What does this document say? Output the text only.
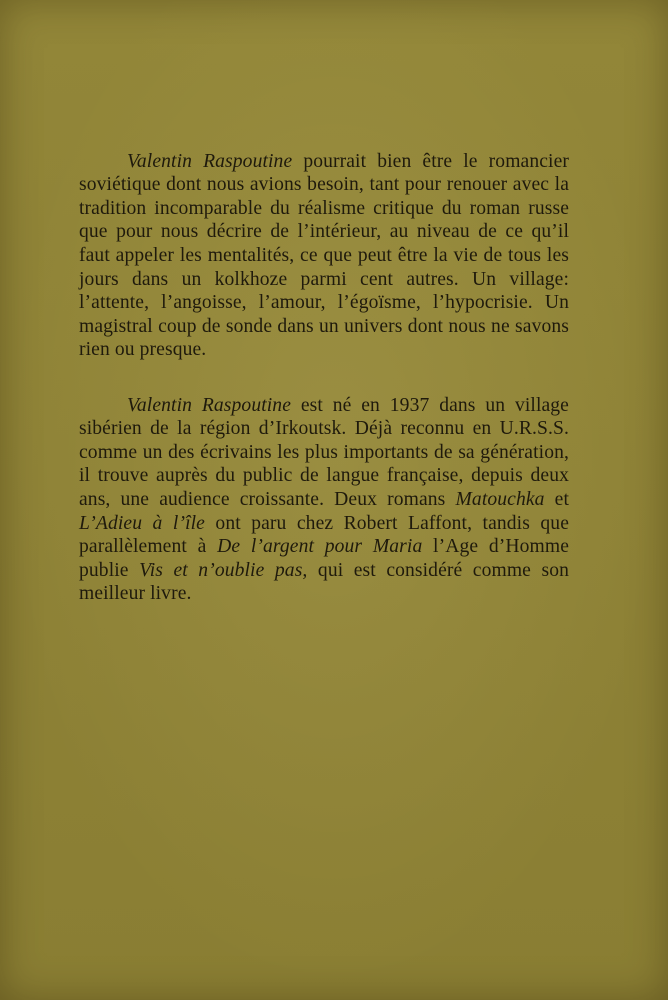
Valentin Raspoutine pourrait bien être le romancier soviétique dont nous avions besoin, tant pour renouer avec la tradition incomparable du réalisme critique du roman russe que pour nous décrire de l’intérieur, au niveau de ce qu’il faut appeler les mentalités, ce que peut être la vie de tous les jours dans un kolkhoze parmi cent autres. Un village: l’attente, l’angoisse, l’amour, l’égoïsme, l’hypocrisie. Un magistral coup de sonde dans un univers dont nous ne savons rien ou presque.

Valentin Raspoutine est né en 1937 dans un village sibérien de la région d’Irkoutsk. Déjà reconnu en U.R.S.S. comme un des écrivains les plus importants de sa génération, il trouve auprès du public de langue française, depuis deux ans, une audience croissante. Deux romans Matouchka et L’Adieu à l’île ont paru chez Robert Laffont, tandis que parallèlement à De l’argent pour Maria l’Age d’Homme publie Vis et n’oublie pas, qui est considéré comme son meilleur livre.
